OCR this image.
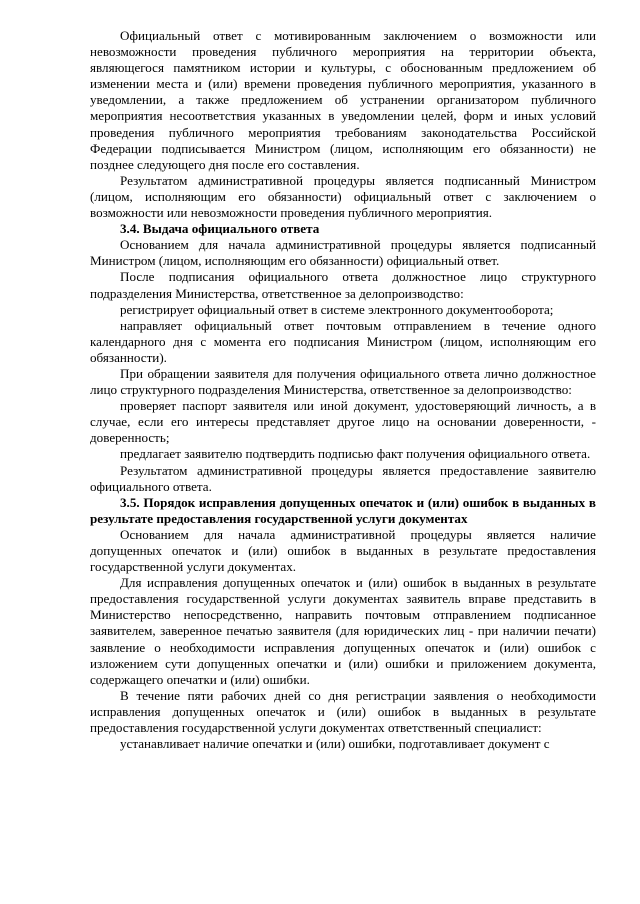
Официальный ответ с мотивированным заключением о возможности или невозможности проведения публичного мероприятия на территории объекта, являющегося памятником истории и культуры, с обоснованным предложением об изменении места и (или) времени проведения публичного мероприятия, указанного в уведомлении, а также предложением об устранении организатором публичного мероприятия несоответствия указанных в уведомлении целей, форм и иных условий проведения публичного мероприятия требованиям законодательства Российской Федерации подписывается Министром (лицом, исполняющим его обязанности) не позднее следующего дня после его составления.

Результатом административной процедуры является подписанный Министром (лицом, исполняющим его обязанности) официальный ответ с заключением о возможности или невозможности проведения публичного мероприятия.

3.4. Выдача официального ответа

Основанием для начала административной процедуры является подписанный Министром (лицом, исполняющим его обязанности) официальный ответ.

После подписания официального ответа должностное лицо структурного подразделения Министерства, ответственное за делопроизводство:

регистрирует официальный ответ в системе электронного документооборота;

направляет официальный ответ почтовым отправлением в течение одного календарного дня с момента его подписания Министром (лицом, исполняющим его обязанности).

При обращении заявителя для получения официального ответа лично должностное лицо структурного подразделения Министерства, ответственное за делопроизводство:

проверяет паспорт заявителя или иной документ, удостоверяющий личность, а в случае, если его интересы представляет другое лицо на основании доверенности, - доверенность;

предлагает заявителю подтвердить подписью факт получения официального ответа.

Результатом административной процедуры является предоставление заявителю официального ответа.

3.5. Порядок исправления допущенных опечаток и (или) ошибок в выданных в результате предоставления государственной услуги документах

Основанием для начала административной процедуры является наличие допущенных опечаток и (или) ошибок в выданных в результате предоставления государственной услуги документах.

Для исправления допущенных опечаток и (или) ошибок в выданных в результате предоставления государственной услуги документах заявитель вправе представить в Министерство непосредственно, направить почтовым отправлением подписанное заявителем, заверенное печатью заявителя (для юридических лиц - при наличии печати) заявление о необходимости исправления допущенных опечаток и (или) ошибок с изложением сути допущенных опечатки и (или) ошибки и приложением документа, содержащего опечатки и (или) ошибки.

В течение пяти рабочих дней со дня регистрации заявления о необходимости исправления допущенных опечаток и (или) ошибок в выданных в результате предоставления государственной услуги документах ответственный специалист:

устанавливает наличие опечатки и (или) ошибки, подготавливает документ с
